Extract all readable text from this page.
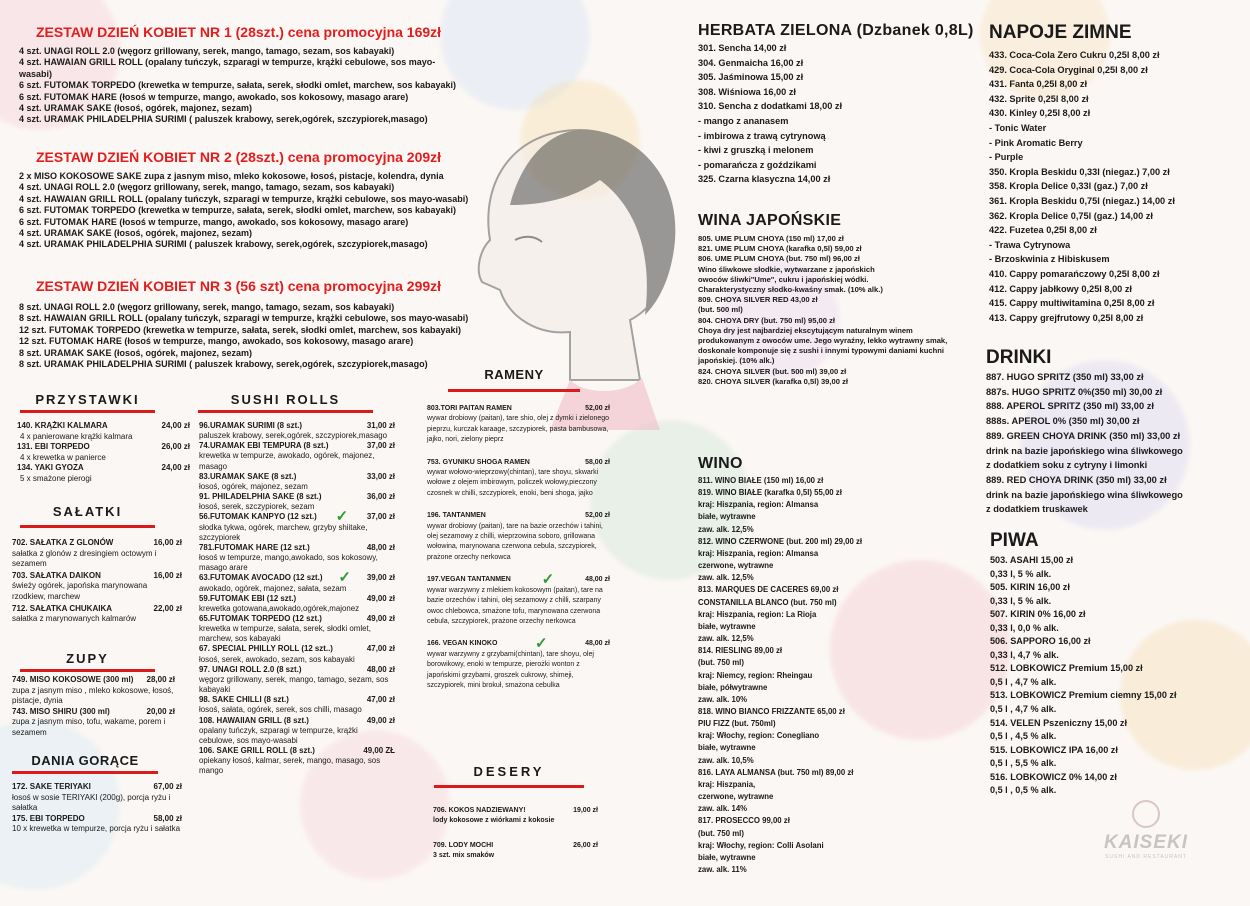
ZESTAW DZIEŃ KOBIET NR 1 (28szt.) cena promocyjna 169zł
4 szt. UNAGI ROLL 2.0 (węgorz grillowany, serek, mango, tamago, sezam, sos kabayaki)
4 szt. HAWAIAN GRILL ROLL (opalany tuńczyk, szparagi w tempurze, krążki cebulowe, sos mayo-
wasabi)
6 szt. FUTOMAK TORPEDO (krewetka w tempurze, sałata, serek, słodki omlet, marchew, sos kabayaki)
6 szt. FUTOMAK HARE (łosoś w tempurze, mango, awokado, sos kokosowy, masago arare)
4 szt. URAMAK SAKE (łosoś, ogórek, majonez, sezam)
4 szt. URAMAK PHILADELPHIA SURIMI ( paluszek krabowy, serek,ogórek, szczypiorek,masago)
ZESTAW DZIEŃ KOBIET NR 2 (28szt.) cena promocyjna 209zł
2 x MISO KOKOSOWE SAKE zupa z jasnym miso, mleko kokosowe, łosoś, pistacje, kolendra, dynia
4 szt. UNAGI ROLL 2.0 (węgorz grillowany, serek, mango, tamago, sezam, sos kabayaki)
4 szt. HAWAIAN GRILL ROLL (opalany tuńczyk, szparagi w tempurze, krążki cebulowe, sos mayo-wasabi)
6 szt. FUTOMAK TORPEDO (krewetka w tempurze, sałata, serek, słodki omlet, marchew, sos kabayaki)
6 szt. FUTOMAK HARE (łosoś w tempurze, mango, awokado, sos kokosowy, masago arare)
4 szt. URAMAK SAKE (łosoś, ogórek, majonez, sezam)
4 szt. URAMAK PHILADELPHIA SURIMI ( paluszek krabowy, serek,ogórek, szczypiorek,masago)
ZESTAW DZIEŃ KOBIET NR 3 (56 szt) cena promocyjna 299zł
8 szt. UNAGI ROLL 2.0 (węgorz grillowany, serek, mango, tamago, sezam, sos kabayaki)
8 szt. HAWAIAN GRILL ROLL (opalany tuńczyk, szparagi w tempurze, krążki cebulowe, sos mayo-wasabi)
12 szt. FUTOMAK TORPEDO (krewetka w tempurze, sałata, serek, słodki omlet, marchew, sos kabayaki)
12 szt. FUTOMAK HARE (łosoś w tempurze, mango, awokado, sos kokosowy, masago arare)
8 szt. URAMAK SAKE (łosoś, ogórek, majonez, sezam)
8 szt. URAMAK PHILADELPHIA SURIMI ( paluszek krabowy, serek,ogórek, szczypiorek,masago)
PRZYSTAWKI
140. KRĄŻKI KALMARA	24,00 zł
4 x panierowane krążki kalmara
131. EBI TORPEDO	26,00 zł
4 x krewetka w panierce
134. YAKI GYOZA	24,00 zł
5 x smażone pierogi
SAŁATKI
702. SAŁATKA Z GLONÓW	16,00 zł
sałatka z glonów z dresingiem octowym i sezamem
703. SAŁATKA DAIKON	16,00 zł
świeży ogórek, japońska marynowana rzodkiew, marchew
712. SAŁATKA CHUKAIKA	22,00 zł
sałatka z marynowanych kalmarów
ZUPY
749. MISO KOKOSOWE (300 ml) 28,00 zł
zupa z jasnym miso , mleko kokosowe, łosoś, pistacje, dynia
743. MISO SHIRU (300 ml)	20,00 zł
zupa z jasnym miso, tofu, wakame, porem i sezamem
DANIA GORĄCE
172. SAKE TERIYAKI	67,00 zł
łosoś w sosie TERIYAKI (200g), porcja ryżu i sałatka
175. EBI TORPEDO	58,00 zł
10 x krewetka w tempurze, porcja ryżu i sałatka
SUSHI ROLLS
96.URAMAK SURIMI (8 szt.)	31,00 zł
paluszek krabowy, serek,ogórek, szczypiorek,masago
74.URAMAK EBI TEMPURA (8 szt.)	37,00 zł
krewetka w tempurze, awokado, ogórek, majonez, masago
83.URAMAK SAKE (8 szt.)	33,00 zł
łosoś, ogórek, majonez, sezam
91. PHILADELPHIA SAKE (8 szt.)	36,00 zł
łosoś, serek, szczypiorek, sezam
56.FUTOMAK KANPYO (12 szt.) ✓ 37,00 zł
słodka tykwa, ogórek, marchew, grzyby shiitake, szczypiorek
781.FUTOMAK HARE (12 szt.)	48,00 zł
łosoś w tempurze, mango,awokado, sos kokosowy, masago arare
63.FUTOMAK AVOCADO (12 szt.) ✓ 39,00 zł
awokado, ogórek, majonez, sałata, sezam
59.FUTOMAK EBI (12 szt.)	49,00 zł
krewetka gotowana,awokado,ogórek,majonez
65.FUTOMAK TORPEDO (12 szt.)	49,00 zł
krewetka w tempurze, sałata, serek, słodki omlet, marchew, sos kabayaki
67. SPECIAL PHILLY ROLL (12 szt..)	47,00 zł
łosoś, serek, awokado, sezam, sos kabayaki
97. UNAGI ROLL 2.0 (8 szt.)	48,00 zł
węgorz grillowany, serek, mango, tamago, sezam, sos kabayaki
98. SAKE CHILLI (8 szt.)	47,00 zł
łosoś, sałata, ogórek, serek, sos chilli, masago
108. HAWAIIAN GRILL (8 szt.)	49,00 zł
opalany tuńczyk, szparagi w tempurze, krążki cebulowe, sos mayo-wasabi
106. SAKE GRILL ROLL (8 szt.)	49,00 ZŁ
opiekany łosoś, kalmar, serek, mango, masago, sos mango
RAMENY
803.TORI PAITAN RAMEN	52,00 zł
wywar drobiowy (paitan), tare shio, olej z dymki i zielonego pieprzu, kurczak karaage, szczypiorek, pasta bambusowa, jajko, nori, zielony pieprz
753. GYUNIKU SHOGA RAMEN	58,00 zł
wywar wołowo-wieprzowy(chintan), tare shoyu, skwarki wołowe z olejem imbirowym, policzek wołowy,pieczony czosnek w chilli, szczypiorek, enoki, beni shoga, jajko
196. TANTANMEN	52,00 zł
wywar drobiowy (paitan), tare na bazie orzechów i tahini, olej sezamowy z chilli, wieprzowina soboro, grillowana wołowina, marynowana czerwona cebula, szczypiorek, prażone orzechy nerkowca
197.VEGAN TANTANMEN ✓	48,00 zł
wywar warzywny z mlekiem kokosowym (paitan), tare na bazie orzechów i tahini, olej sezamowy z chilli, szarpany owoc chlebowca, smażone tofu, marynowana czerwona cebula, szczypiorek, prażone orzechy nerkowca
166. VEGAN KINOKO	✓	48,00 zł
wywar warzywny z grzybami(chintan), tare shoyu, olej borowikowy, enoki w tempurze, pierożki wonton z japońskimi grzybami, groszek cukrowy, shimeji, szczypiorek, mini brokuł, smażona cebulka
DESERY
706. KOKOS NADZIEWANY!	19,00 zł
lody kokosowe z wiórkami z kokosie
709. LODY MOCHI	26,00 zł
3 szt. mix smaków
HERBATA ZIELONA (Dzbanek 0,8L)
301. Sencha 14,00 zł
304. Genmaicha 16,00 zł
305. Jaśminowa 15,00 zł
308. Wiśniowa 16,00 zł
310. Sencha z dodatkami 18,00 zł
- mango z ananasem
- imbirowa z trawą cytrynową
- kiwi z gruszką i melonem
- pomarańcza z goździkami
325. Czarna klasyczna 14,00 zł
WINA JAPOŃSKIE
805. UME PLUM CHOYA (150 ml) 17,00 zł
821. UME PLUM CHOYA (karafka 0,5l) 59,00 zł
806. UME PLUM CHOYA (but. 750 ml) 96,00 zł
Wino śliwkowe słodkie, wytwarzane z japońskich
owoców śliwki"Ume", cukru i japońskiej wódki.
Charakterystyczny słodko-kwaśny smak. (10% alk.)
809. CHOYA SILVER RED 43,00 zł
(but. 500 ml)
804. CHOYA DRY (but. 750 ml) 95,00 zł
Choya dry jest najbardziej ekscytującym naturalnym winem
produkowanym z owoców ume. Jego wyraźny, lekko wytrawny smak,
doskonale komponuje się z sushi i innymi typowymi daniami kuchni
japońskiej. (10% alk.)
824. CHOYA SILVER (but. 500 ml) 39,00 zł
820. CHOYA SILVER (karafka 0,5l) 39,00 zł
WINO
811. WINO BIAŁE (150 ml) 16,00 zł
819. WINO BIAŁE (karafka 0,5l) 55,00 zł
kraj: Hiszpania, region: Almansa
białe, wytrawne
zaw. alk. 12,5%
812. WINO CZERWONE (but. 200 ml) 29,00 zł
kraj: Hiszpania, region: Almansa
czerwone, wytrawne
zaw. alk. 12,5%
813. MARQUES DE CACERES 69,00 zł
CONSTANILLA BLANCO (but. 750 ml)
kraj: Hiszpania, region: La Rioja
białe, wytrawne
zaw. alk. 12,5%
814. RIESLING 89,00 zł
(but. 750 ml)
kraj: Niemcy, region: Rheingau
białe, półwytrawne
zaw. alk. 10%
818. WINO BIANCO FRIZZANTE 65,00 zł
PIU FIZZ (but. 750ml)
kraj: Włochy, region: Conegliano
białe, wytrawne
zaw. alk. 10,5%
816. LAYA ALMANSA (but. 750 ml) 89,00 zł
kraj: Hiszpania,
czerwone, wytrawne
zaw. alk. 14%
817. PROSECCO 99,00 zł
(but. 750 ml)
kraj: Włochy, region: Colli Asolani
białe, wytrawne
zaw. alk. 11%
NAPOJE ZIMNE
433. Coca-Cola Zero Cukru 0,25l 8,00 zł
429. Coca-Cola Oryginal 0,25l 8,00 zł
431. Fanta 0,25l 8,00 zł
432. Sprite 0,25l 8,00 zł
430. Kinley 0,25l 8,00 zł
- Tonic Water
- Pink Aromatic Berry
- Purple
350. Kropla Beskidu 0,33l (niegaz.) 7,00 zł
358. Kropla Delice 0,33l (gaz.) 7,00 zł
361. Kropla Beskidu 0,75l (niegaz.) 14,00 zł
362. Kropla Delice 0,75l (gaz.) 14,00 zł
422. Fuzetea 0,25l 8,00 zł
- Trawa Cytrynowa
- Brzoskwinia z Hibiskusem
410. Cappy pomarańczowy 0,25l 8,00 zł
412. Cappy jabłkowy 0,25l 8,00 zł
415. Cappy multiwitamina 0,25l 8,00 zł
413. Cappy grejfrutowy 0,25l 8,00 zł
DRINKI
887. HUGO SPRITZ (350 ml) 33,00 zł
887s. HUGO SPRITZ 0%(350 ml) 30,00 zł
888. APEROL SPRITZ (350 ml) 33,00 zł
888s. APEROL 0% (350 ml) 30,00 zł
889. GREEN CHOYA DRINK (350 ml) 33,00 zł
drink na bazie japońskiego wina śliwkowego
z dodatkiem soku z cytryny i limonki
889. RED CHOYA DRINK (350 ml) 33,00 zł
drink na bazie japońskiego wina śliwkowego
z dodatkiem truskawek
PIWA
503. ASAHI 15,00 zł
0,33 l, 5 % alk.
505. KIRIN 16,00 zł
0,33 l, 5 % alk.
507. KIRIN 0% 16,00 zł
0,33 l, 0,0 % alk.
506. SAPPORO 16,00 zł
0,33 l, 4,7 % alk.
512. LOBKOWICZ Premium 15,00 zł
0,5 l , 4,7 % alk.
513. LOBKOWICZ Premium ciemny 15,00 zł
0,5 l , 4,7 % alk.
514. VELEN Pszeniczny 15,00 zł
0,5 l , 4,5 % alk.
515. LOBKOWICZ IPA 16,00 zł
0,5 l , 5,5 % alk.
516. LOBKOWICZ 0% 14,00 zł
0,5 l , 0,5 % alk.
KAISEKI
SUSHI AND RESTAURANT
